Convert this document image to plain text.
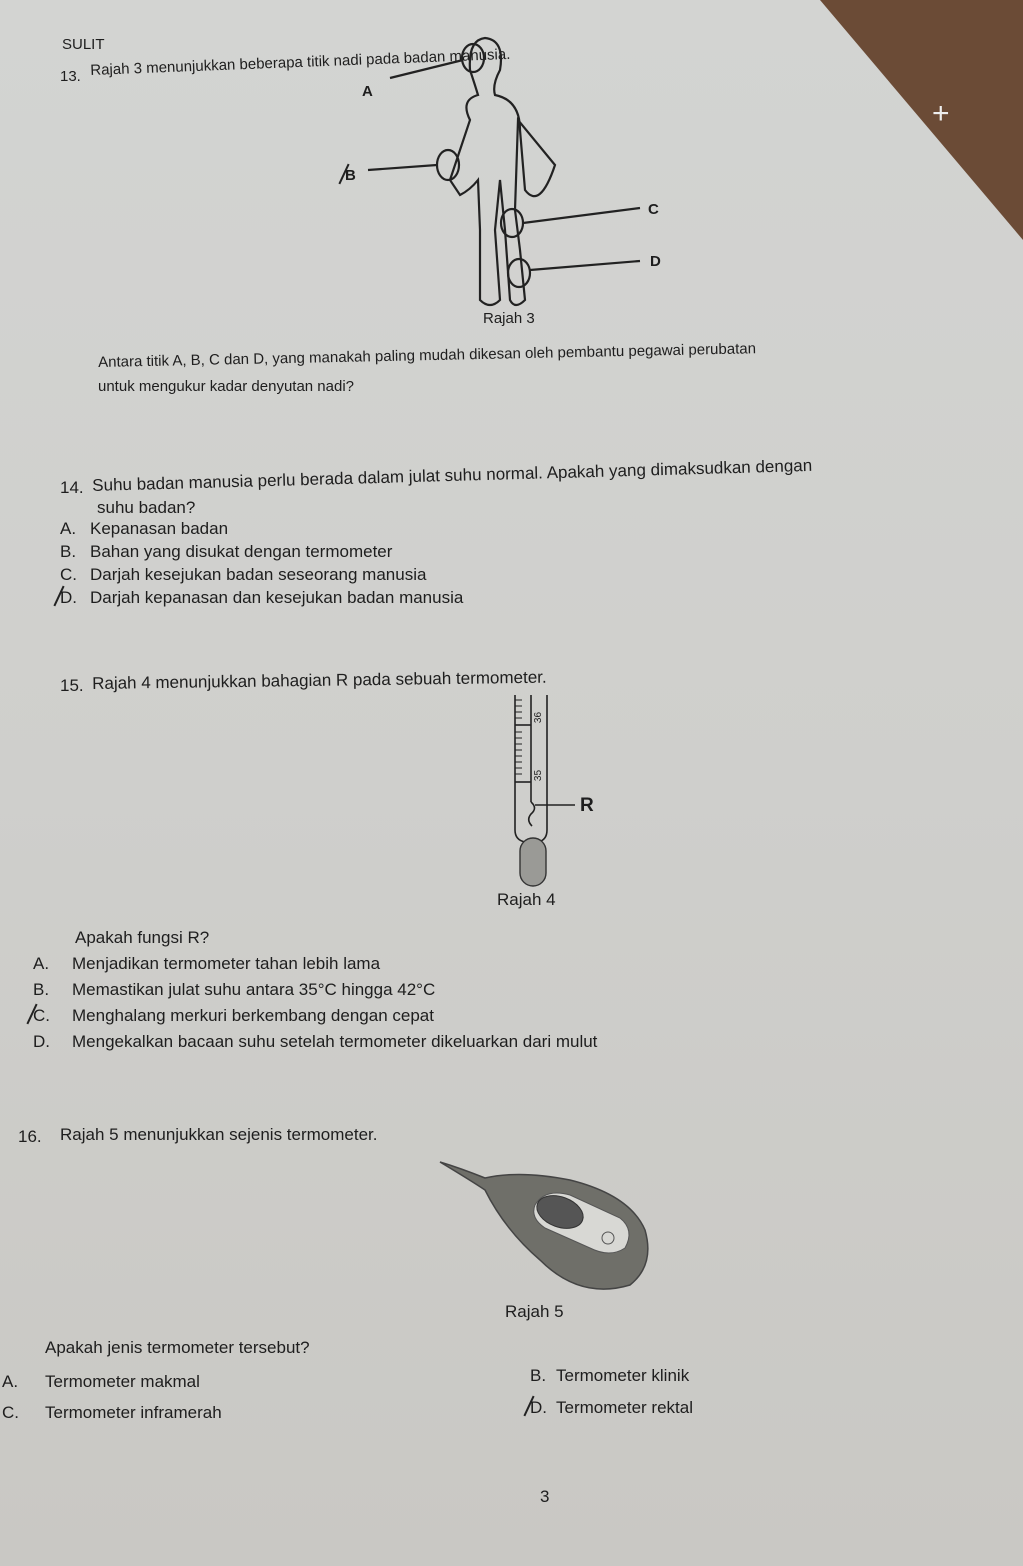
+
SULIT
13. Rajah 3 menunjukkan beberapa titik nadi pada badan manusia.
A
B
C
D
Rajah 3
Antara titik A, B, C dan D, yang manakah paling mudah dikesan oleh pembantu pegawai perubatan
untuk mengukur kadar denyutan nadi?
14. Suhu badan manusia perlu berada dalam julat suhu normal. Apakah yang dimaksudkan dengan
suhu badan?
A. Kepanasan badan
B. Bahan yang disukat dengan termometer
C. Darjah kesejukan badan seseorang manusia
D. Darjah kepanasan dan kesejukan badan manusia
15. Rajah 4 menunjukkan bahagian R pada sebuah termometer.
36
35
R
Rajah 4
Apakah fungsi R?
A. Menjadikan termometer tahan lebih lama
B. Memastikan julat suhu antara 35°C hingga 42°C
C. Menghalang merkuri berkembang dengan cepat
D. Mengekalkan bacaan suhu setelah termometer dikeluarkan dari mulut
16. Rajah 5 menunjukkan sejenis termometer.
Rajah 5
Apakah jenis termometer tersebut?
A. Termometer makmal	B. Termometer klinik
C. Termometer inframerah	D. Termometer rektal
3
